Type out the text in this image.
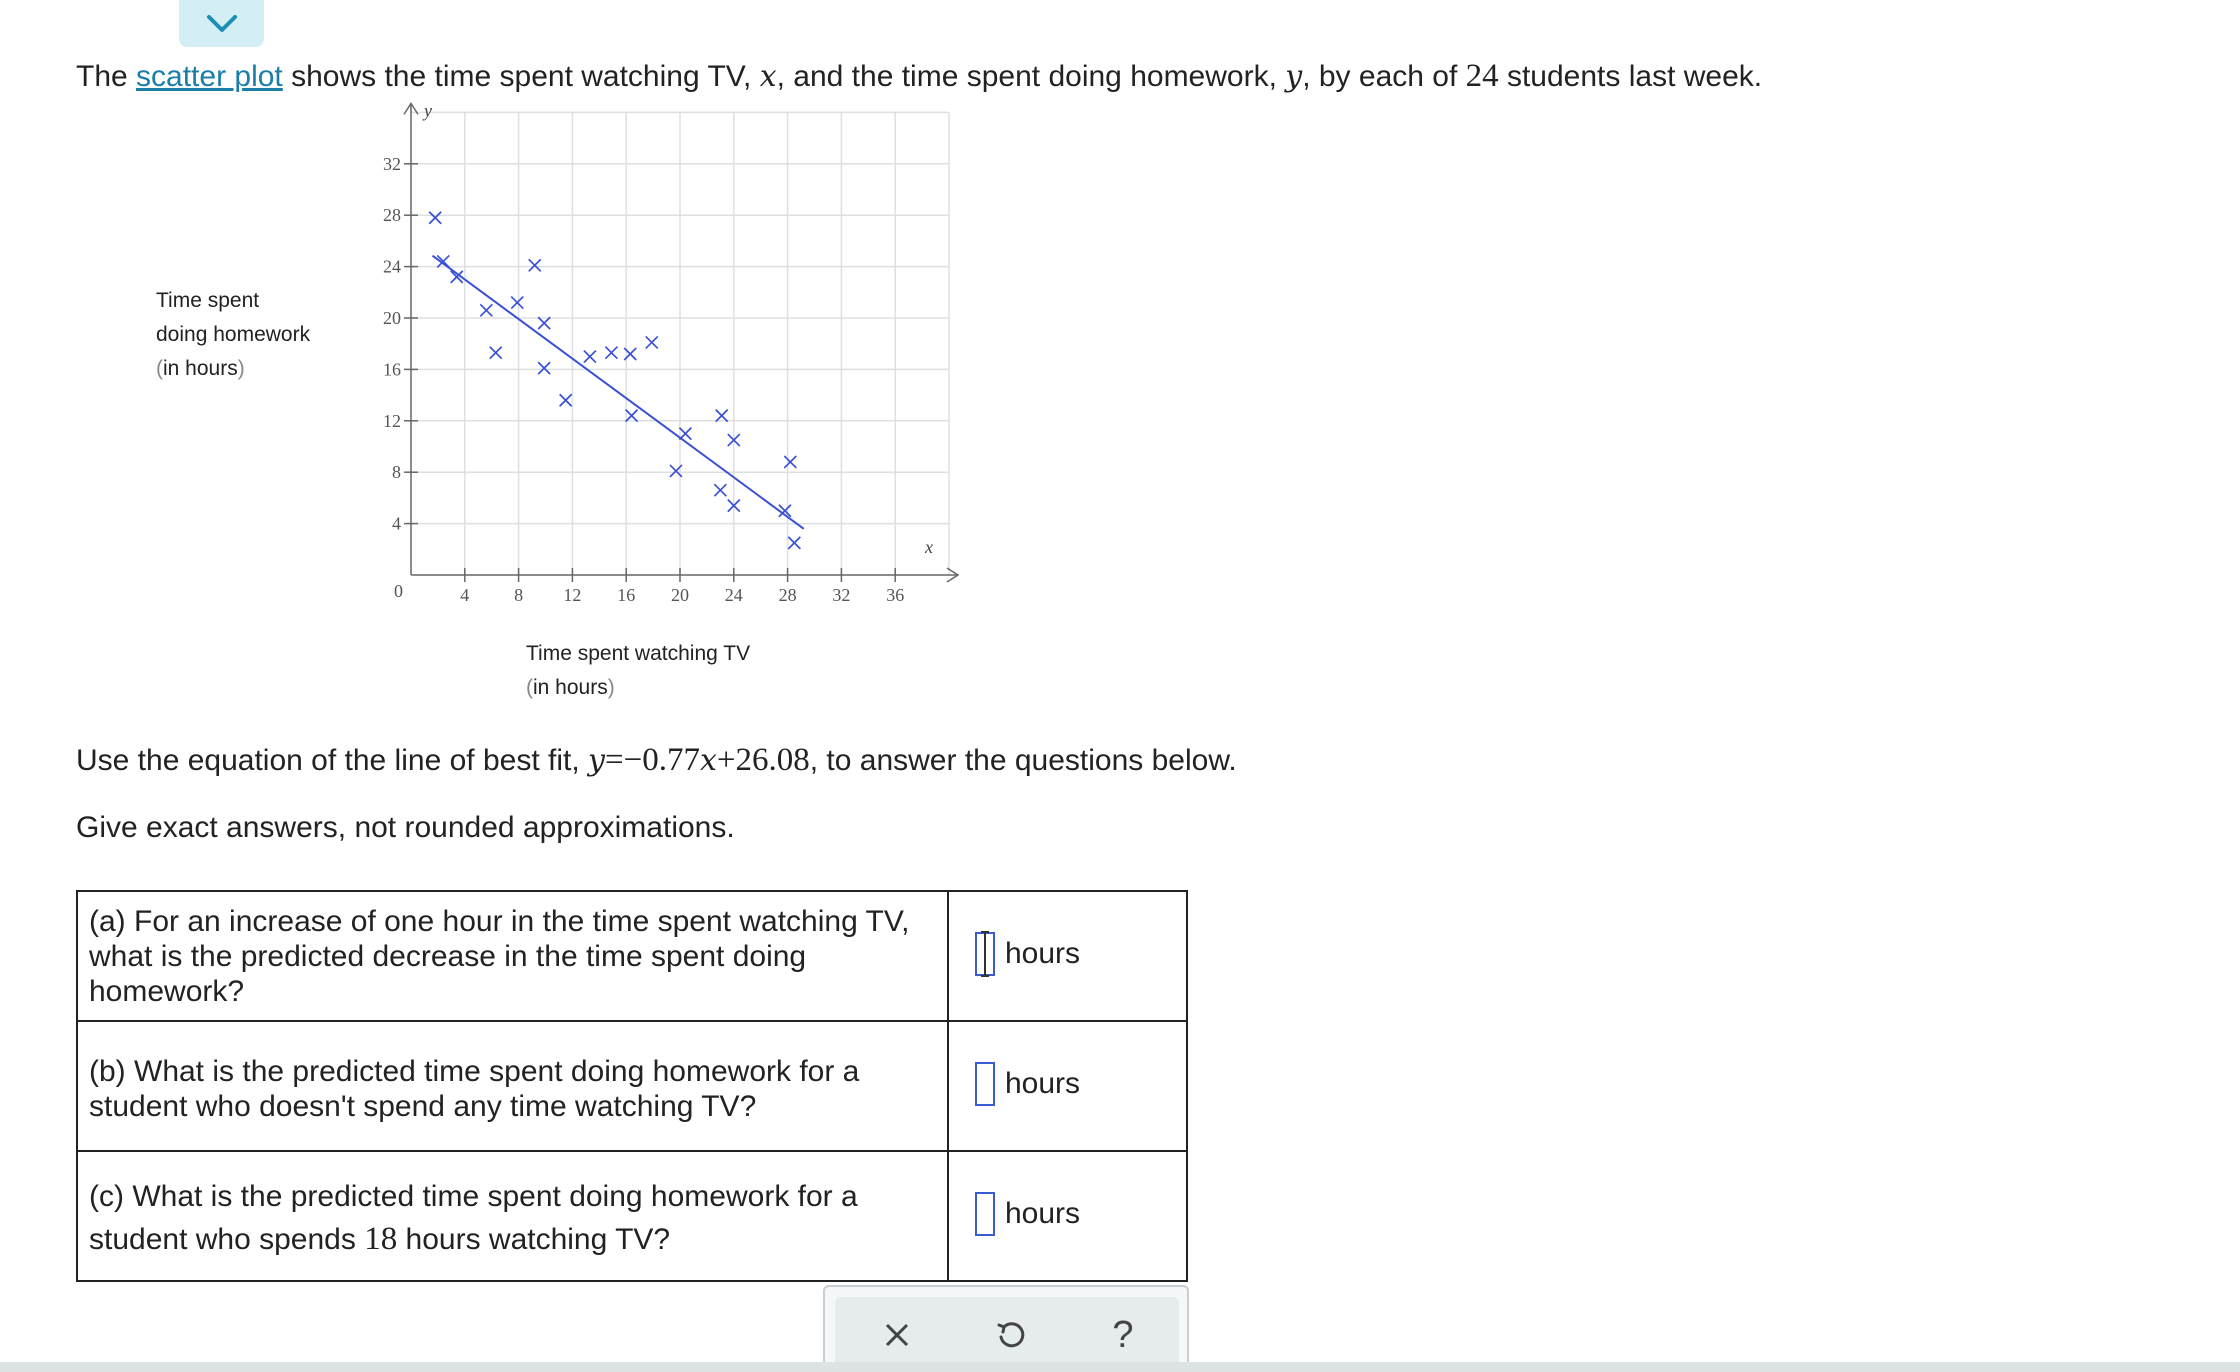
The scatter plot shows the time spent watching TV, x, and the time spent doing homework, y, by each of 24 students last week.
Time spent
doing homework
(in hours)
4 8 12 16 20 24 28 32 36
4
8
12
16
20
24
28
32
0
x
y
Time spent watching TV
(in hours)
Use the equation of the line of best fit, y=−0.77x+26.08, to answer the questions below.
Give exact answers, not rounded approximations.
(a) For an increase of one hour in the time spent watching TV, what is the predicted decrease in the time spent doing homework?
hours
(b) What is the predicted time spent doing homework for a student who doesn't spend any time watching TV?
hours
(c) What is the predicted time spent doing homework for a student who spends 18 hours watching TV?
hours
?
